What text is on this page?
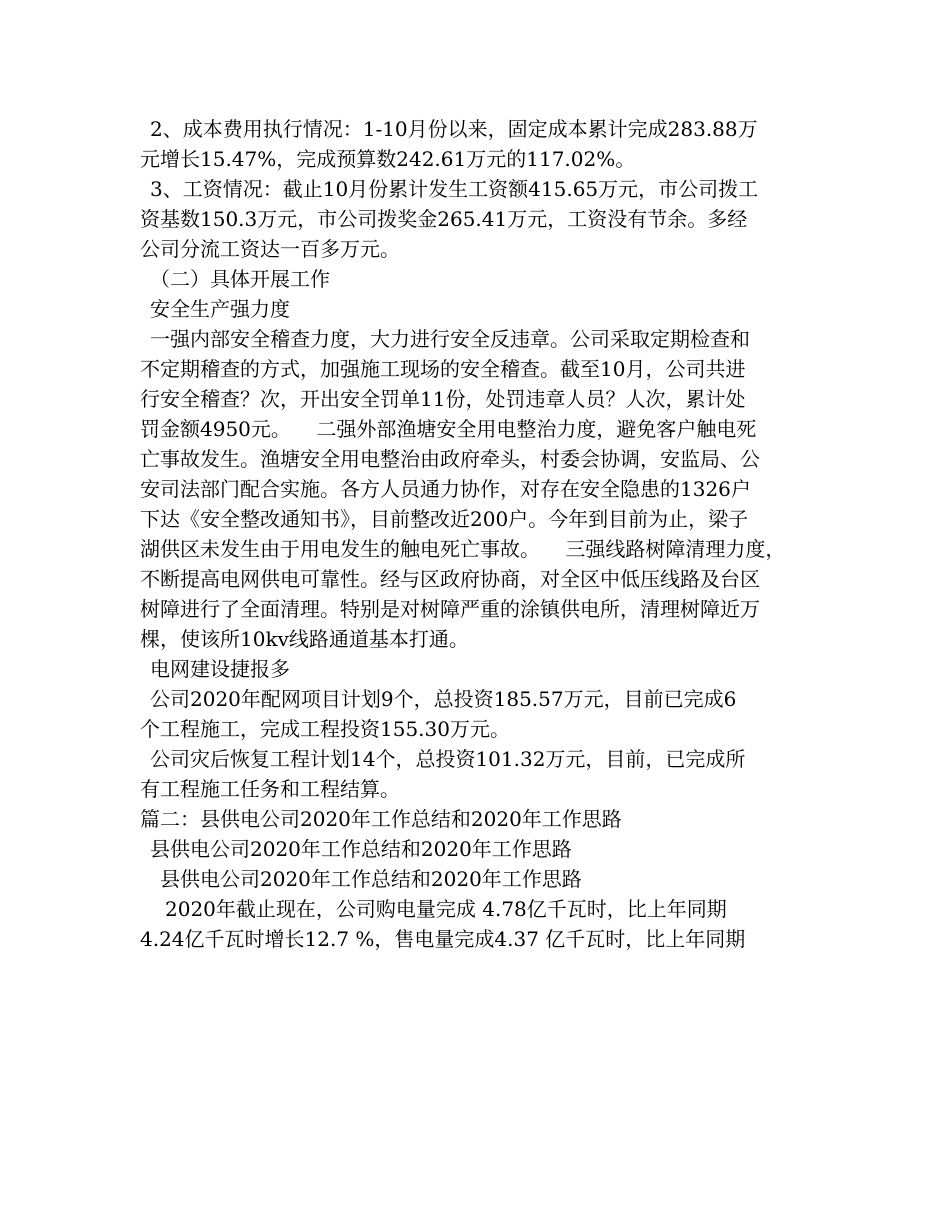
2、成本费用执行情况：1-10月份以来，固定成本累计完成283.88万
元增长15.47%，完成预算数242.61万元的117.02%。
3、工资情况：截止10月份累计发生工资额415.65万元，市公司拨工
资基数150.3万元，市公司拨奖金265.41万元，工资没有节余。多经
公司分流工资达一百多万元。
（二）具体开展工作
安全生产强力度
一强内部安全稽查力度，大力进行安全反违章。公司采取定期检查和
不定期稽查的方式，加强施工现场的安全稽查。截至10月，公司共进
行安全稽查？次，开出安全罚单11份，处罚违章人员？人次，累计处
罚金额4950元。    二强外部渔塘安全用电整治力度，避免客户触电死
亡事故发生。渔塘安全用电整治由政府牵头，村委会协调，安监局、公
安司法部门配合实施。各方人员通力协作，对存在安全隐患的1326户
下达《安全整改通知书》，目前整改近200户。今年到目前为止，梁子
湖供区未发生由于用电发生的触电死亡事故。    三强线路树障清理力度，
不断提高电网供电可靠性。经与区政府协商，对全区中低压线路及台区
树障进行了全面清理。特别是对树障严重的涂镇供电所，清理树障近万
棵，使该所10kv线路通道基本打通。
电网建设捷报多
公司2020年配网项目计划9个，总投资185.57万元，目前已完成6
个工程施工，完成工程投资155.30万元。
公司灾后恢复工程计划14个，总投资101.32万元，目前，已完成所
有工程施工任务和工程结算。
篇二：县供电公司2020年工作总结和2020年工作思路
县供电公司2020年工作总结和2020年工作思路
县供电公司2020年工作总结和2020年工作思路
2020年截止现在，公司购电量完成 4.78亿千瓦时，比上年同期
4.24亿千瓦时增长12.7 %，售电量完成4.37 亿千瓦时，比上年同期
